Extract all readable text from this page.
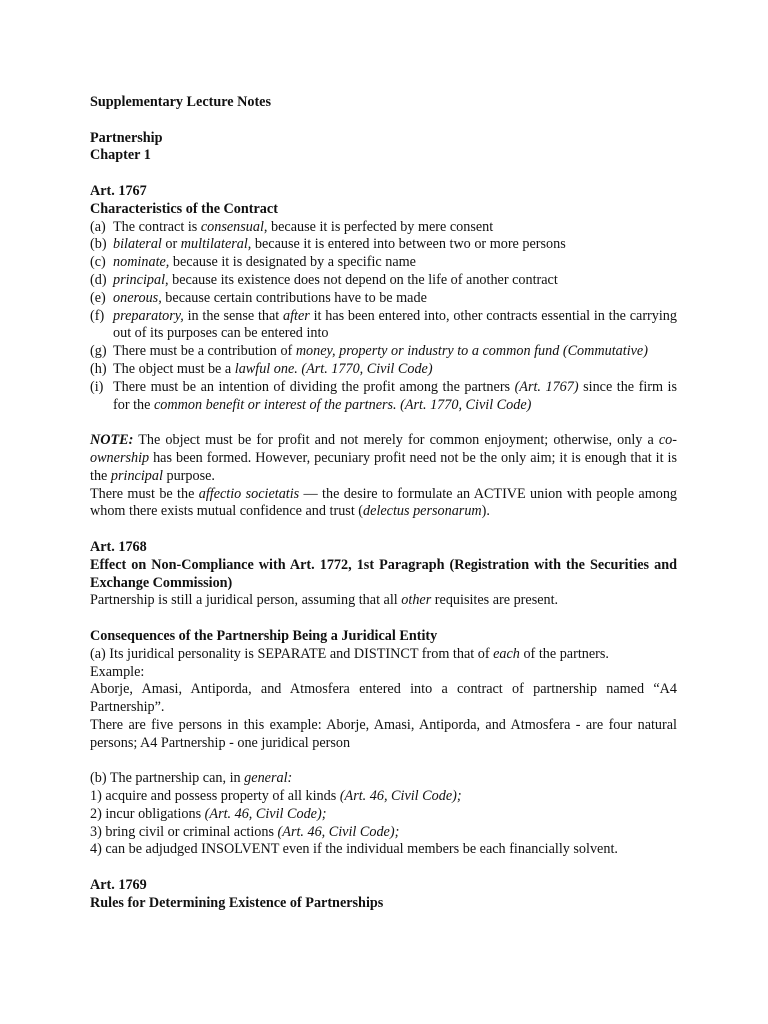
Supplementary Lecture Notes

Partnership

Chapter 1

Art. 1767

Characteristics of the Contract

(a) The contract is consensual, because it is perfected by mere consent
(b) bilateral or multilateral, because it is entered into between two or more persons
(c) nominate, because it is designated by a specific name
(d) principal, because its existence does not depend on the life of another contract
(e) onerous, because certain contributions have to be made
(f) preparatory, in the sense that after it has been entered into, other contracts essential in the carrying out of its purposes can be entered into
(g) There must be a contribution of money, property or industry to a common fund (Commutative)
(h) The object must be a lawful one. (Art. 1770, Civil Code)
(i) There must be an intention of dividing the profit among the partners (Art. 1767) since the firm is for the common benefit or interest of the partners. (Art. 1770, Civil Code)

NOTE: The object must be for profit and not merely for common enjoyment; otherwise, only a co-ownership has been formed. However, pecuniary profit need not be the only aim; it is enough that it is the principal purpose.

There must be the affectio societatis — the desire to formulate an ACTIVE union with people among whom there exists mutual confidence and trust (delectus personarum).

Art. 1768

Effect on Non-Compliance with Art. 1772, 1st Paragraph (Registration with the Securities and Exchange Commission)

Partnership is still a juridical person, assuming that all other requisites are present.

Consequences of the Partnership Being a Juridical Entity

(a) Its juridical personality is SEPARATE and DISTINCT from that of each of the partners.

Example:

Aborje, Amasi, Antiporda, and Atmosfera entered into a contract of partnership named “A4 Partnership”.

There are five persons in this example: Aborje, Amasi, Antiporda, and Atmosfera - are four natural persons; A4 Partnership - one juridical person

(b) The partnership can, in general:

1) acquire and possess property of all kinds (Art. 46, Civil Code);

2) incur obligations (Art. 46, Civil Code);

3) bring civil or criminal actions (Art. 46, Civil Code);

4) can be adjudged INSOLVENT even if the individual members be each financially solvent.

Art. 1769

Rules for Determining Existence of Partnerships
